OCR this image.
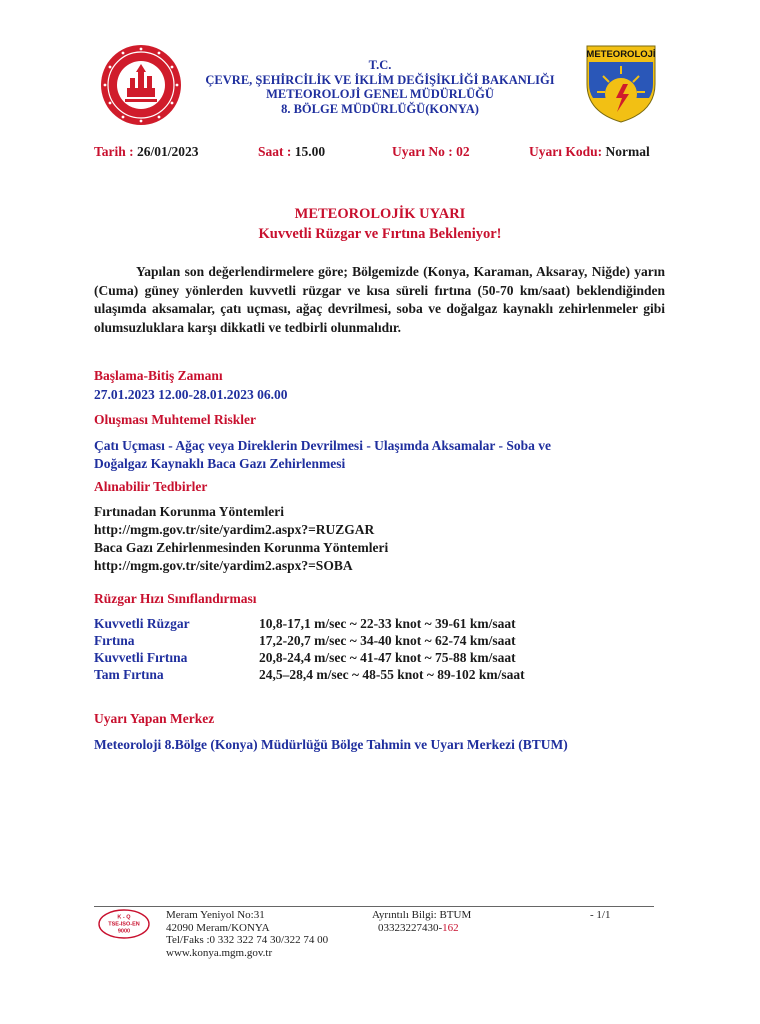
T.C.
ÇEVRE, ŞEHİRCİLİK VE İKLİM DEĞİŞİKLİĞİ BAKANLIĞI
METEOROLOJİ GENEL MÜDÜRLÜĞÜ
8. BÖLGE MÜDÜRLÜĞÜ(KONYA)
METEOROLOJİ
Tarih : 26/01/2023	Saat : 15.00	Uyarı No : 02	Uyarı Kodu: Normal
METEOROLOJİK UYARI
Kuvvetli Rüzgar ve Fırtına Bekleniyor!
Yapılan son değerlendirmelere göre; Bölgemizde (Konya, Karaman, Aksaray, Niğde) yarın (Cuma) güney yönlerden kuvvetli rüzgar ve kısa süreli fırtına (50-70 km/saat) beklendiğinden ulaşımda aksamalar, çatı uçması, ağaç devrilmesi, soba ve doğalgaz kaynaklı zehirlenmeler gibi olumsuzluklara karşı dikkatli ve tedbirli olunmalıdır.
Başlama-Bitiş Zamanı
27.01.2023 12.00-28.01.2023 06.00
Oluşması Muhtemel Riskler
Çatı Uçması - Ağaç veya Direklerin Devrilmesi - Ulaşımda Aksamalar - Soba ve
Doğalgaz Kaynaklı Baca Gazı Zehirlenmesi
Alınabilir Tedbirler
Fırtınadan Korunma Yöntemleri
http://mgm.gov.tr/site/yardim2.aspx?=RUZGAR
Baca Gazı Zehirlenmesinden Korunma Yöntemleri
http://mgm.gov.tr/site/yardim2.aspx?=SOBA
Rüzgar Hızı Sınıflandırması
Kuvvetli Rüzgar	10,8-17,1 m/sec ~ 22-33 knot ~ 39-61 km/saat
Fırtına	17,2-20,7 m/sec ~ 34-40 knot ~ 62-74 km/saat
Kuvvetli Fırtına	20,8-24,4 m/sec ~ 41-47 knot ~ 75-88 km/saat
Tam Fırtına	24,5–28,4 m/sec ~ 48-55 knot ~ 89-102 km/saat
Uyarı Yapan Merkez
Meteoroloji 8.Bölge (Konya) Müdürlüğü Bölge Tahmin ve Uyarı Merkezi (BTUM)
K - Q
TSE-ISO-EN
9000
Meram Yeniyol No:31
42090 Meram/KONYA
Tel/Faks :0 332 322 74 30/322 74 00
www.konya.mgm.gov.tr
Ayrıntılı Bilgi: BTUM
03323227430-162
- 1/1
